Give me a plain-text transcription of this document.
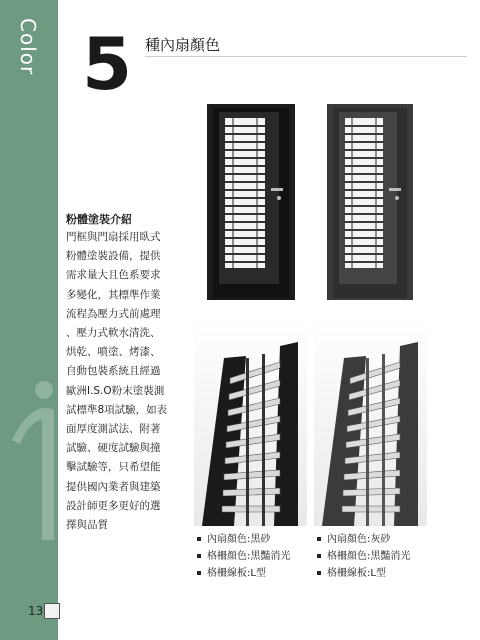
Color 5 種內扇顏色
粉體塗裝介紹
門框與門扇採用臥式
粉體塗裝設備，提供
需求量大且色系要求
多變化，其標準作業
流程為壓力式前處理
、壓力式軟水清洗、
烘乾、噴塗、烤漆、
自動包裝系統且經過
歐洲I.S.O粉末塗裝測
試標準8項試驗，如表
面厚度測試法、附著
試驗、硬度試驗與撞
擊試驗等，只希望能
提供國內業者與建築
設計師更多更好的選
擇與品質
內扇顏色:黑砂
格柵顏色:黑豔消光
格柵線板:L型
內扇顏色:灰砂
格柵顏色:黑豔消光
格柵線板:L型
13
